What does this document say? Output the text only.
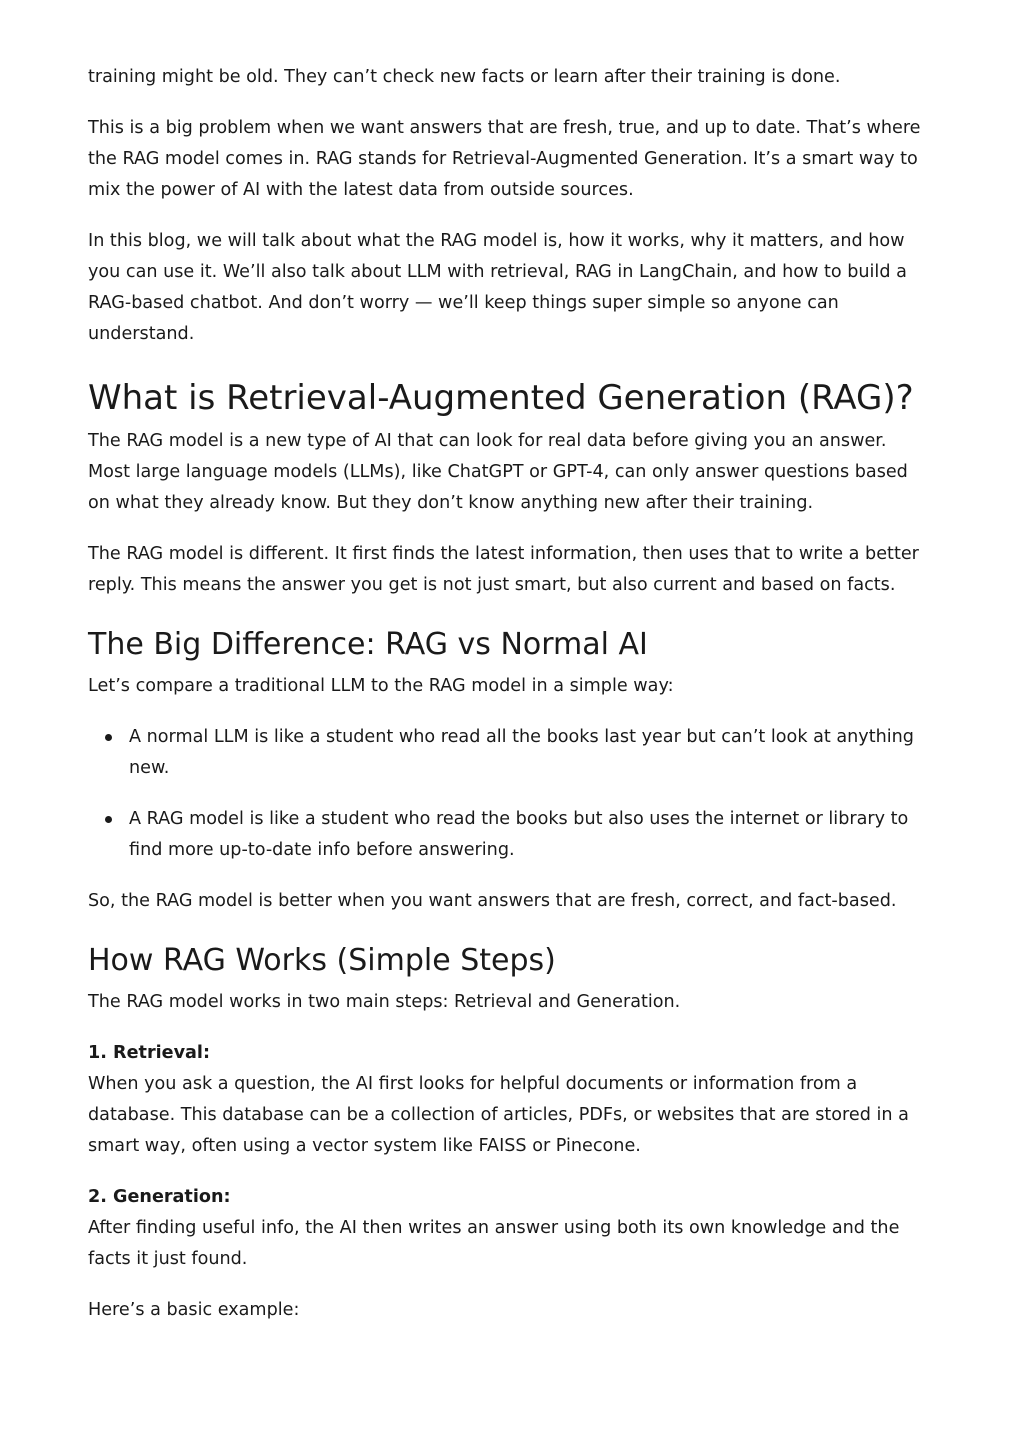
training might be old. They can’t check new facts or learn after their training is done.

This is a big problem when we want answers that are fresh, true, and up to date. That’s where the RAG model comes in. RAG stands for Retrieval-Augmented Generation. It’s a smart way to mix the power of AI with the latest data from outside sources.

In this blog, we will talk about what the RAG model is, how it works, why it matters, and how you can use it. We’ll also talk about LLM with retrieval, RAG in LangChain, and how to build a RAG-based chatbot. And don’t worry — we’ll keep things super simple so anyone can understand.

What is Retrieval-Augmented Generation (RAG)?

The RAG model is a new type of AI that can look for real data before giving you an answer. Most large language models (LLMs), like ChatGPT or GPT-4, can only answer questions based on what they already know. But they don’t know anything new after their training.

The RAG model is different. It first finds the latest information, then uses that to write a better reply. This means the answer you get is not just smart, but also current and based on facts.

The Big Difference: RAG vs Normal AI

Let’s compare a traditional LLM to the RAG model in a simple way:

A normal LLM is like a student who read all the books last year but can’t look at anything new.
A RAG model is like a student who read the books but also uses the internet or library to find more up-to-date info before answering.

So, the RAG model is better when you want answers that are fresh, correct, and fact-based.

How RAG Works (Simple Steps)

The RAG model works in two main steps: Retrieval and Generation.

1. Retrieval:
When you ask a question, the AI first looks for helpful documents or information from a database. This database can be a collection of articles, PDFs, or websites that are stored in a smart way, often using a vector system like FAISS or Pinecone.

2. Generation:
After finding useful info, the AI then writes an answer using both its own knowledge and the facts it just found.

Here’s a basic example:
